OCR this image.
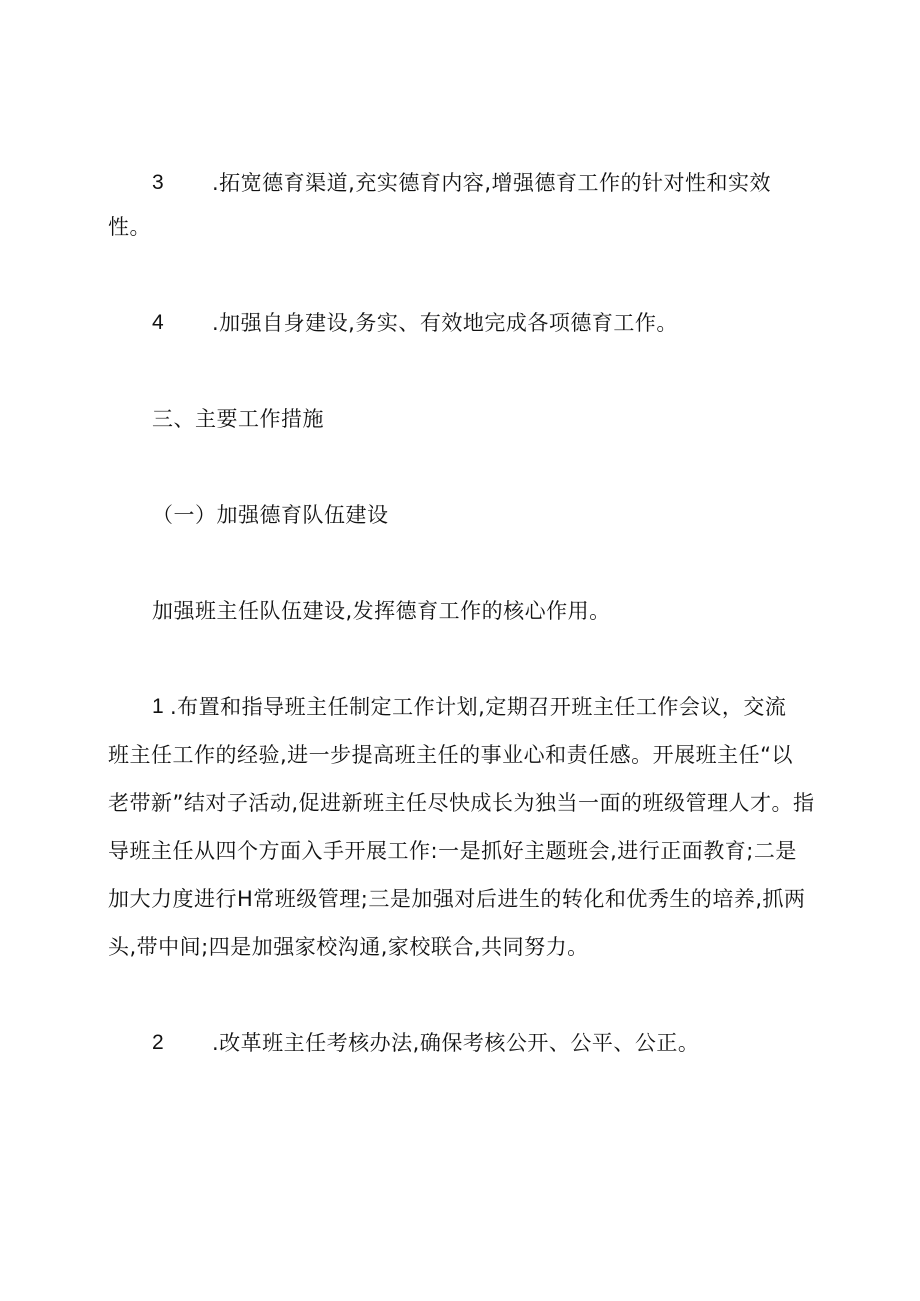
3 .拓宽德育渠道,充实德育内容,增强德育工作的针对性和实效
性。
4 .加强自身建设,务实、有效地完成各项德育工作。
三、主要工作措施
（一）加强德育队伍建设
加强班主任队伍建设,发挥德育工作的核心作用。
1 .布置和指导班主任制定工作计划,定期召开班主任工作会议，交流
班主任工作的经验,进一步提高班主任的事业心和责任感。开展班主任“以
老带新”结对子活动,促进新班主任尽快成长为独当一面的班级管理人才。指
导班主任从四个方面入手开展工作:一是抓好主题班会,进行正面教育;二是
加大力度进行H常班级管理;三是加强对后进生的转化和优秀生的培养,抓两
头,带中间;四是加强家校沟通,家校联合,共同努力。
2 .改革班主任考核办法,确保考核公开、公平、公正。
